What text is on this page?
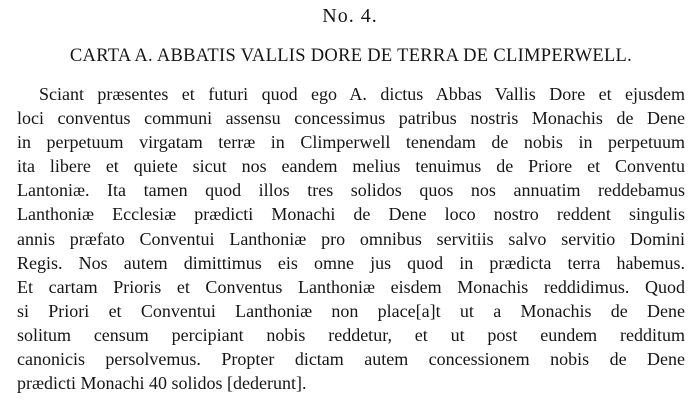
No. 4.
CARTA A. ABBATIS VALLIS DORE DE TERRA DE CLIMPERWELL.
Sciant præsentes et futuri quod ego A. dictus Abbas Vallis Dore et ejusdem
loci conventus communi assensu concessimus patribus nostris Monachis de Dene
in perpetuum virgatam terræ in Climperwell tenendam de nobis in perpetuum
ita libere et quiete sicut nos eandem melius tenuimus de Priore et Conventu
Lantoniæ. Ita tamen quod illos tres solidos quos nos annuatim reddebamus
Lanthoniæ Ecclesiæ prædicti Monachi de Dene loco nostro reddent singulis
annis præfato Conventui Lanthoniæ pro omnibus servitiis salvo servitio Domini
Regis. Nos autem dimittimus eis omne jus quod in prædicta terra habemus.
Et cartam Prioris et Conventus Lanthoniæ eisdem Monachis reddidimus. Quod
si Priori et Conventui Lanthoniæ non place[a]t ut a Monachis de Dene
solitum censum percipiant nobis reddetur, et ut post eundem redditum
canonicis persolvemus. Propter dictam autem concessionem nobis de Dene
prædicti Monachi 40 solidos [dederunt].
